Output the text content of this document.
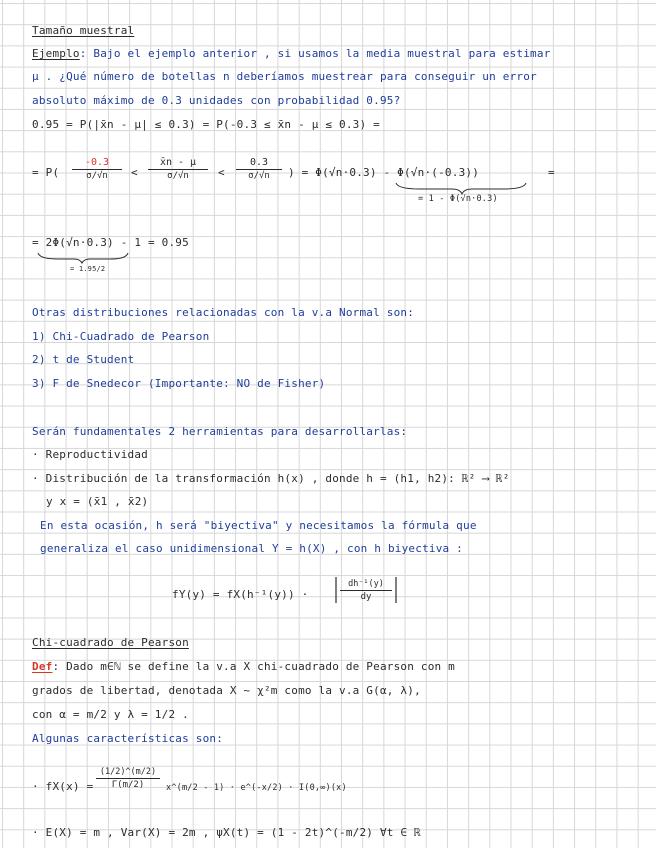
Tamaño muestral
Ejemplo: Bajo el ejemplo anterior , si usamos la media muestral para estimar
μ . ¿Qué número de botellas n deberíamos muestrear para conseguir un error
absoluto máximo de 0.3 unidades con probabilidad 0.95?
0.95 = P(|x̄n - μ| ≤ 0.3) = P(-0.3 ≤ x̄n - μ ≤ 0.3) =
= $P( \frac{-0.3}{\sigma/√n} < \frac{x̄n - \mu}{\sigma/√n} < \frac{0.3}{\sigma/√n}$ ) = Φ(√n·0.3) - Φ(√n·(-0.3))	=
= 1 - Φ(√n·0.3)
= 2Φ(√n·0.3) - 1 = 0.95
= 1.95/2
Otras distribuciones relacionadas con la v.a Normal son:
1) Chi-Cuadrado de Pearson
2) t de Student
3) F de Snedecor (Importante: NO de Fisher)
Serán fundamentales 2 herramientas para desarrollarlas:
· Reproductividad
· Distribución de la transformación h(x) , donde h = (h1, h2): ℝ² ⟶ ℝ²
y x = (x̄1 , x̄2)
En esta ocasión, h será "biyectiva" y necesitamos la fórmula que
generaliza el caso unidimensional Y = h(X) , con h biyectiva :
fY(y) = fX(h⁻¹(y)) ·	$\frac{\text{dh⁻¹(y)}}{dy}$
Chi-cuadrado de Pearson
Def: Dado m∈ℕ se define la v.a X chi-cuadrado de Pearson con m
grados de libertad, denotada X ~ χ²m como la v.a G(α, λ),
con α = m/2 y λ = 1/2 .
Algunas características son:
· $fX(x) = \frac{(1/2)\^{}(m/2)}{\Gamma(m/2)}$ x^(m/2 - 1) · e^(-x/2) · I(0,∞)(x)
· E(X) = m , Var(X) = 2m , ψX(t) = (1 - 2t)^(-m/2) ∀t ∈ ℝ
